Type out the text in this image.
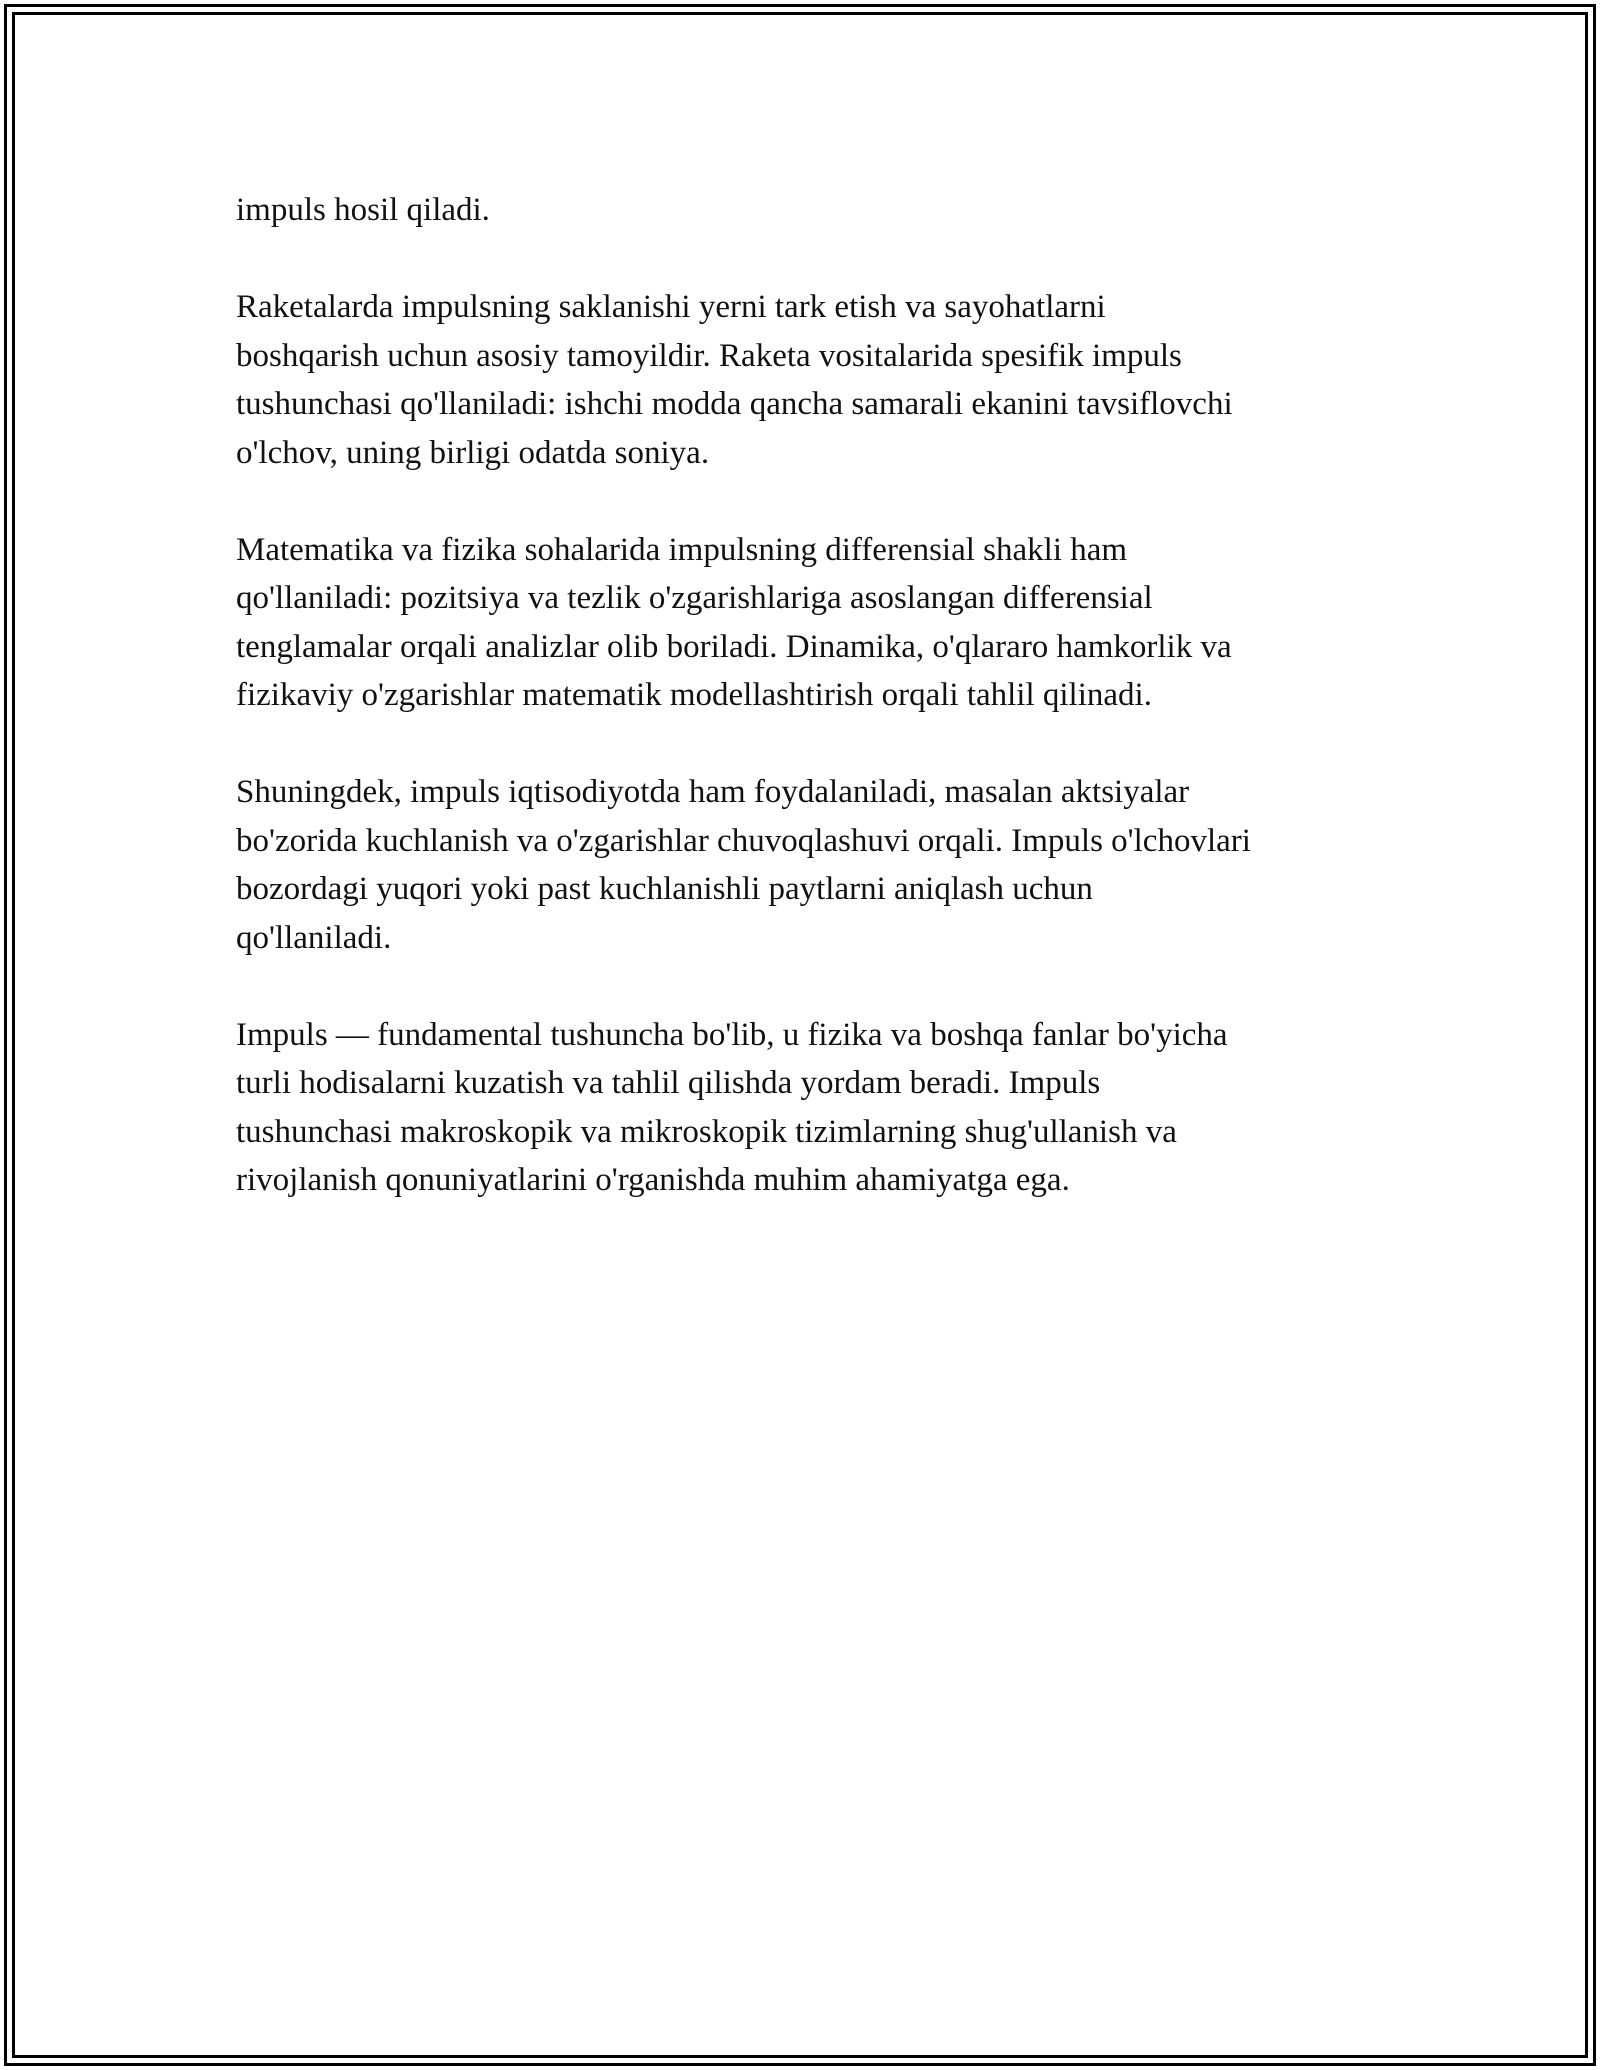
impuls hosil qiladi.

Raketalarda impulsning saklanishi yerni tark etish va sayohatlarni
boshqarish uchun asosiy tamoyildir. Raketa vositalarida spesifik impuls
tushunchasi qo'llaniladi: ishchi modda qancha samarali ekanini tavsiflovchi
o'lchov, uning birligi odatda soniya.

Matematika va fizika sohalarida impulsning differensial shakli ham
qo'llaniladi: pozitsiya va tezlik o'zgarishlariga asoslangan differensial
tenglamalar orqali analizlar olib boriladi. Dinamika, o'qlararo hamkorlik va
fizikaviy o'zgarishlar matematik modellashtirish orqali tahlil qilinadi.

Shuningdek, impuls iqtisodiyotda ham foydalaniladi, masalan aktsiyalar
bo'zorida kuchlanish va o'zgarishlar chuvoqlashuvi orqali. Impuls o'lchovlari
bozordagi yuqori yoki past kuchlanishli paytlarni aniqlash uchun
qo'llaniladi.

Impuls — fundamental tushuncha bo'lib, u fizika va boshqa fanlar bo'yicha
turli hodisalarni kuzatish va tahlil qilishda yordam beradi. Impuls
tushunchasi makroskopik va mikroskopik tizimlarning shug'ullanish va
rivojlanish qonuniyatlarini o'rganishda muhim ahamiyatga ega.
